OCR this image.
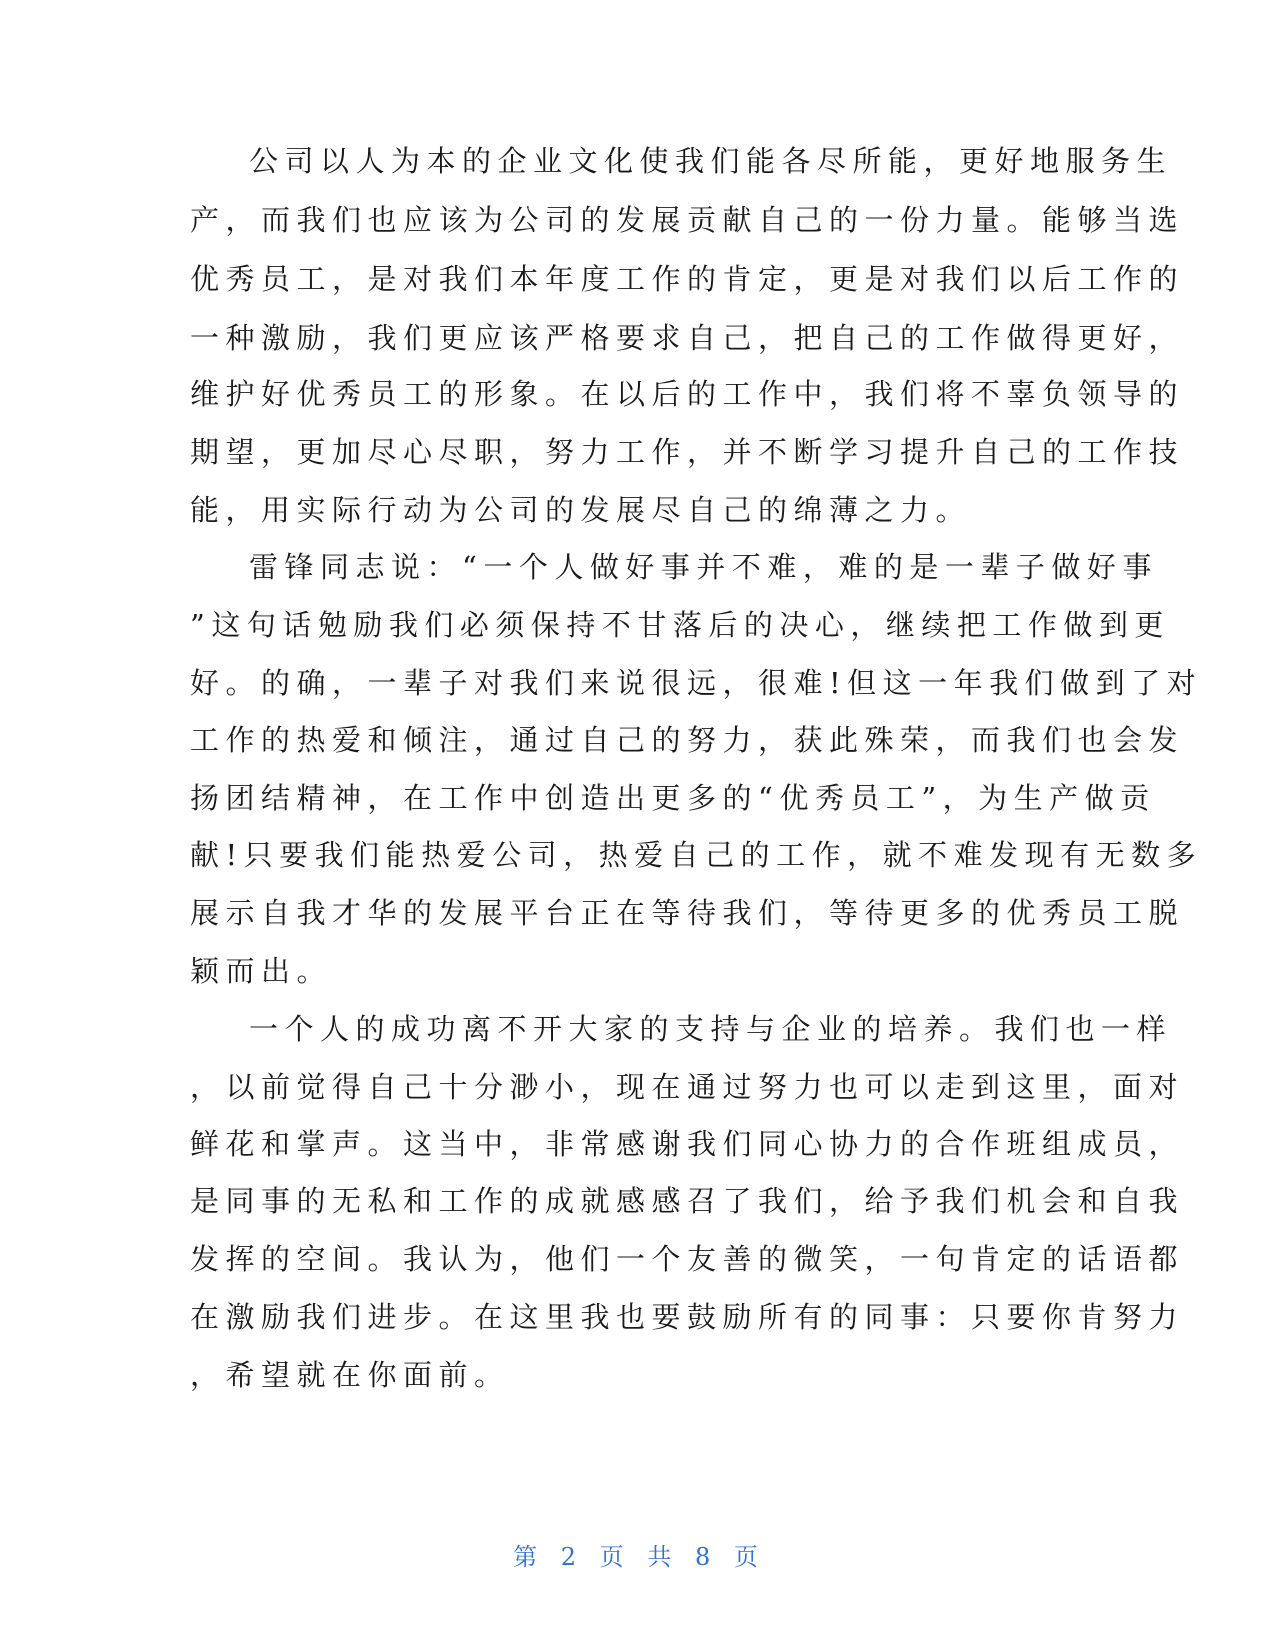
公司以人为本的企业文化使我们能各尽所能，更好地服务生
产，而我们也应该为公司的发展贡献自己的一份力量。能够当选
优秀员工，是对我们本年度工作的肯定，更是对我们以后工作的
一种激励，我们更应该严格要求自己，把自己的工作做得更好，
维护好优秀员工的形象。在以后的工作中，我们将不辜负领导的
期望，更加尽心尽职，努力工作，并不断学习提升自己的工作技
能，用实际行动为公司的发展尽自己的绵薄之力。
雷锋同志说：“一个人做好事并不难，难的是一辈子做好事
”这句话勉励我们必须保持不甘落后的决心，继续把工作做到更
好。的确，一辈子对我们来说很远，很难!但这一年我们做到了对
工作的热爱和倾注，通过自己的努力，获此殊荣，而我们也会发
扬团结精神，在工作中创造出更多的“优秀员工”，为生产做贡
献!只要我们能热爱公司，热爱自己的工作，就不难发现有无数多
展示自我才华的发展平台正在等待我们，等待更多的优秀员工脱
颖而出。
一个人的成功离不开大家的支持与企业的培养。我们也一样
，以前觉得自己十分渺小，现在通过努力也可以走到这里，面对
鲜花和掌声。这当中，非常感谢我们同心协力的合作班组成员，
是同事的无私和工作的成就感感召了我们，给予我们机会和自我
发挥的空间。我认为，他们一个友善的微笑，一句肯定的话语都
在激励我们进步。在这里我也要鼓励所有的同事：只要你肯努力
，希望就在你面前。
第 2 页 共 8 页
